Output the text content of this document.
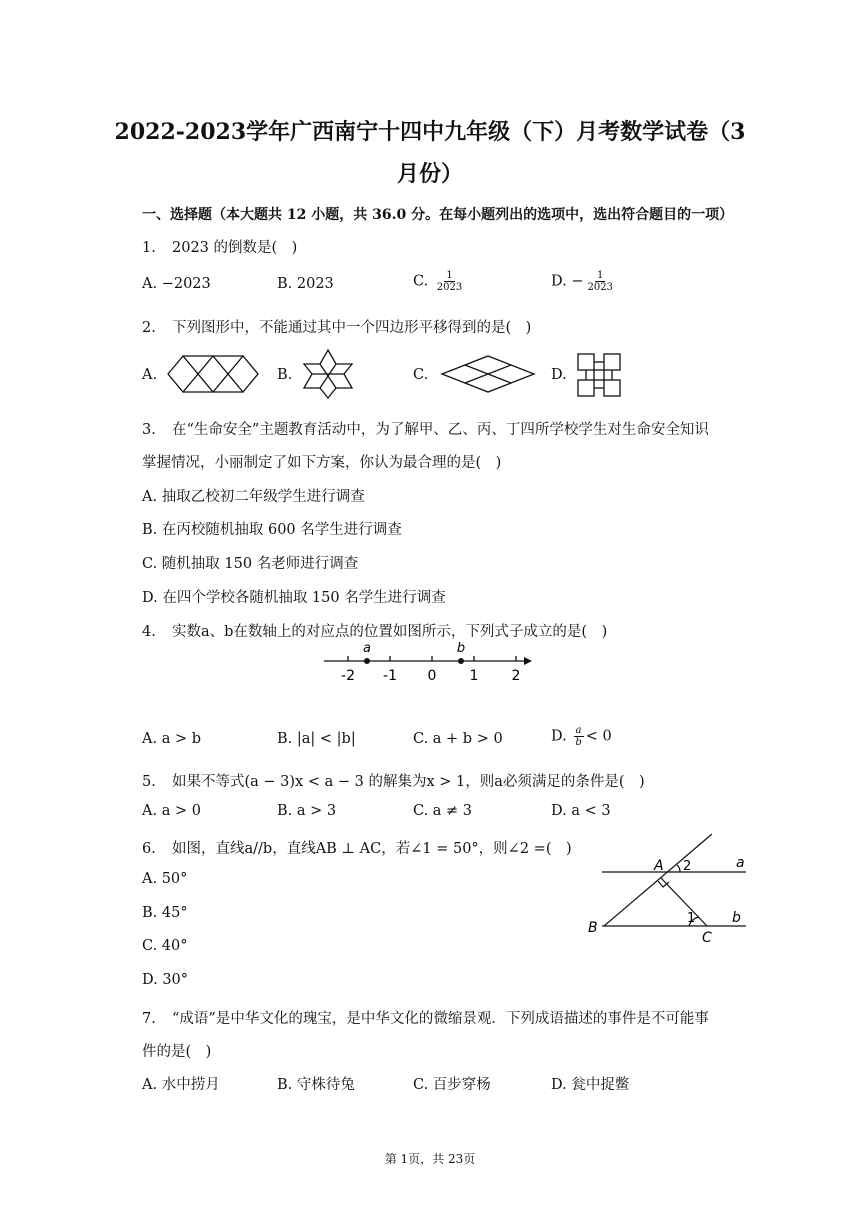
2022-2023学年广西南宁十四中九年级（下）月考数学试卷（3
月份）
一、选择题（本大题共 12 小题，共 36.0 分。在每小题列出的选项中，选出符合题目的一项）
1. 2023 的倒数是(　)
A. −2023	B. 2023	C. $\frac{1}{2023}$	D. − $\frac{1}{2023}$
2. 下列图形中，不能通过其中一个四边形平移得到的是(　)
A.	B.	C.	D.
3. 在“生命安全”主题教育活动中，为了解甲、乙、丙、丁四所学校学生对生命安全知识
掌握情况，小丽制定了如下方案，你认为最合理的是(　)
A. 抽取乙校初二年级学生进行调查
B. 在丙校随机抽取 600 名学生进行调查
C. 随机抽取 150 名老师进行调查
D. 在四个学校各随机抽取 150 名学生进行调查
4. 实数a、b在数轴上的对应点的位置如图所示，下列式子成立的是(　)
a	b
-2 -1 0 1 2
A. a > b	B. |a| < |b|	C. a + b > 0	D. $\frac{a}{b} < 0$
5. 如果不等式(a − 3)x < a − 3 的解集为x > 1，则a必须满足的条件是(　)
A. a > 0	B. a > 3	C. a ≠ 3	D. a < 3
6. 如图，直线a//b，直线AB ⊥ AC，若∠1 = 50°，则∠2 =(　)
A. 50°
B. 45°
C. 40°
D. 30°
A
B
C
a
b
1
2
7. “成语”是中华文化的瑰宝，是中华文化的微缩景观．下列成语描述的事件是不可能事
件的是(　)
A. 水中捞月	B. 守株待兔	C. 百步穿杨	D. 瓮中捉鳖
第 1页，共 23页
